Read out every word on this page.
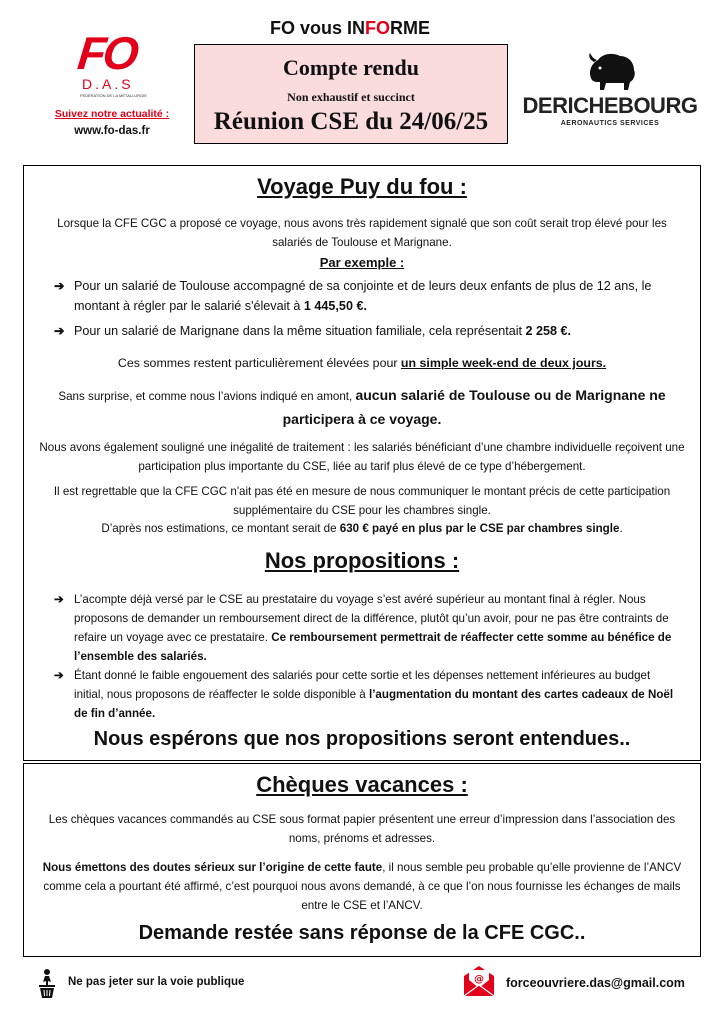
FO
D.A.S
FÉDÉRATION DE LA MÉTALLURGIE
Suivez notre actualité :
www.fo-das.fr
FO vous INFORME
Compte rendu
Non exhaustif et succinct
Réunion CSE du 24/06/25
DERICHEBOURG
AERONAUTICS SERVICES
Voyage Puy du fou :
Lorsque la CFE CGC a proposé ce voyage, nous avons très rapidement signalé que son coût serait trop élevé pour les salariés de Toulouse et Marignane.
Par exemple :
➔ Pour un salarié de Toulouse accompagné de sa conjointe et de leurs deux enfants de plus de 12 ans, le montant à régler par le salarié s'élevait à 1 445,50 €.
➔ Pour un salarié de Marignane dans la même situation familiale, cela représentait 2 258 €.
Ces sommes restent particulièrement élevées pour un simple week-end de deux jours.
Sans surprise, et comme nous l’avions indiqué en amont, aucun salarié de Toulouse ou de Marignane ne participera à ce voyage.
Nous avons également souligné une inégalité de traitement : les salariés bénéficiant d’une chambre individuelle reçoivent une participation plus importante du CSE, liée au tarif plus élevé de ce type d’hébergement.
Il est regrettable que la CFE CGC n'ait pas été en mesure de nous communiquer le montant précis de cette participation supplémentaire du CSE pour les chambres single.
D’après nos estimations, ce montant serait de 630 € payé en plus par le CSE par chambres single.
Nos propositions :
➔ L’acompte déjà versé par le CSE au prestataire du voyage s’est avéré supérieur au montant final à régler. Nous proposons de demander un remboursement direct de la différence, plutôt qu’un avoir, pour ne pas être contraints de refaire un voyage avec ce prestataire. Ce remboursement permettrait de réaffecter cette somme au bénéfice de l’ensemble des salariés.
➔ Étant donné le faible engouement des salariés pour cette sortie et les dépenses nettement inférieures au budget initial, nous proposons de réaffecter le solde disponible à l’augmentation du montant des cartes cadeaux de Noël de fin d’année.
Nous espérons que nos propositions seront entendues..
Chèques vacances :
Les chèques vacances commandés au CSE sous format papier présentent une erreur d’impression dans l’association des noms, prénoms et adresses.
Nous émettons des doutes sérieux sur l’origine de cette faute, il nous semble peu probable qu’elle provienne de l’ANCV comme cela a pourtant été affirmé, c’est pourquoi nous avons demandé, à ce que l’on nous fournisse les échanges de mails entre le CSE et l’ANCV.
Demande restée sans réponse de la CFE CGC..
Ne pas jeter sur la voie publique	@ forceouvriere.das@gmail.com
